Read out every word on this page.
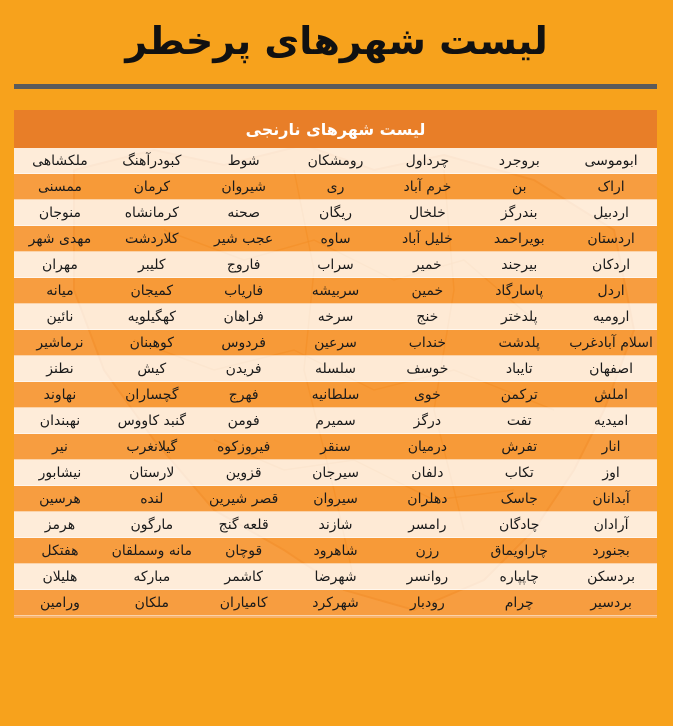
لیست شهرهای پرخطر
لیست شهرهای نارنجی
ابوموسی
بروجرد
چرداول
رومشکان
شوط
کبودرآهنگ
ملکشاهی
اراک
بن
خرم آباد
ری
شیروان
کرمان
ممسنی
اردبیل
بندرگز
خلخال
ریگان
صحنه
کرمانشاه
منوجان
اردستان
بویراحمد
خلیل آباد
ساوه
عجب شیر
کلاردشت
مهدی شهر
اردکان
بیرجند
خمیر
سراب
فاروج
کلیبر
مهران
اردل
پاسارگاد
خمین
سربیشه
فاریاب
کمیجان
میانه
ارومیه
پلدختر
خنج
سرخه
فراهان
کهگیلویه
نائین
اسلام آبادغرب
پلدشت
خنداب
سرعین
فردوس
کوهبنان
نرماشیر
اصفهان
تایباد
خوسف
سلسله
فریدن
کیش
نطنز
املش
ترکمن
خوی
سلطانیه
فهرج
گچساران
نهاوند
امیدیه
تفت
درگز
سمیرم
فومن
گنبد کاووس
نهبندان
انار
تفرش
درمیان
سنقر
فیروزکوه
گیلانغرب
نیر
اوز
تکاب
دلفان
سیرجان
قزوین
لارستان
نیشابور
آبدانان
جاسک
دهلران
سیروان
قصر شیرین
لنده
هرسین
آرادان
چادگان
رامسر
شازند
قلعه گنج
مارگون
هرمز
بجنورد
چاراویماق
رزن
شاهرود
قوچان
مانه وسملقان
هفتکل
بردسکن
چاپپاره
روانسر
شهرضا
کاشمر
مبارکه
هلیلان
بردسیر
چرام
رودبار
شهرکرد
کامیاران
ملکان
ورامین
